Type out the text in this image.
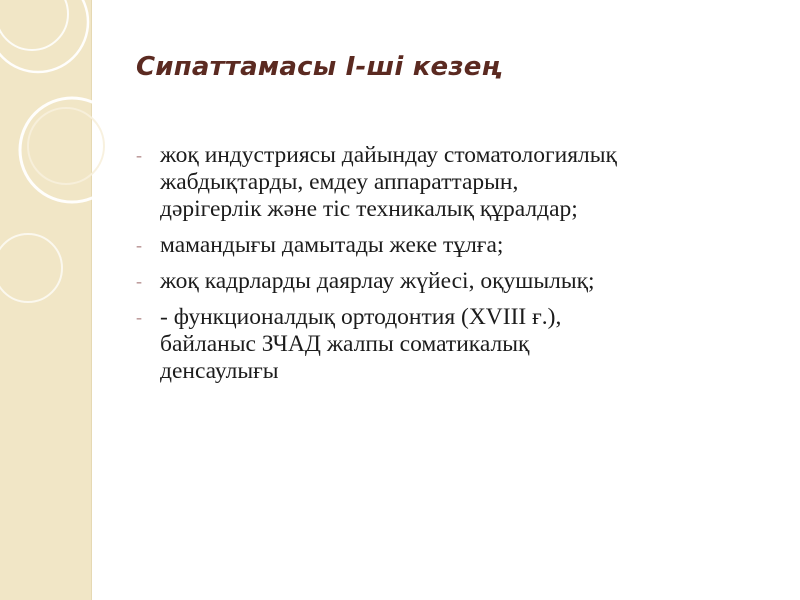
Сипаттамасы І-ші кезең
- жоқ индустриясы дайындау стоматологиялық
жабдықтарды, емдеу аппараттарын,
дәрігерлік және тіс техникалық құралдар;
- мамандығы дамытады жеке тұлға;
- жоқ кадрларды даярлау жүйесі, оқушылық;
- - функционалдық ортодонтия (XVIII ғ.),
байланыс ЗЧАД жалпы соматикалық
денсаулығы
